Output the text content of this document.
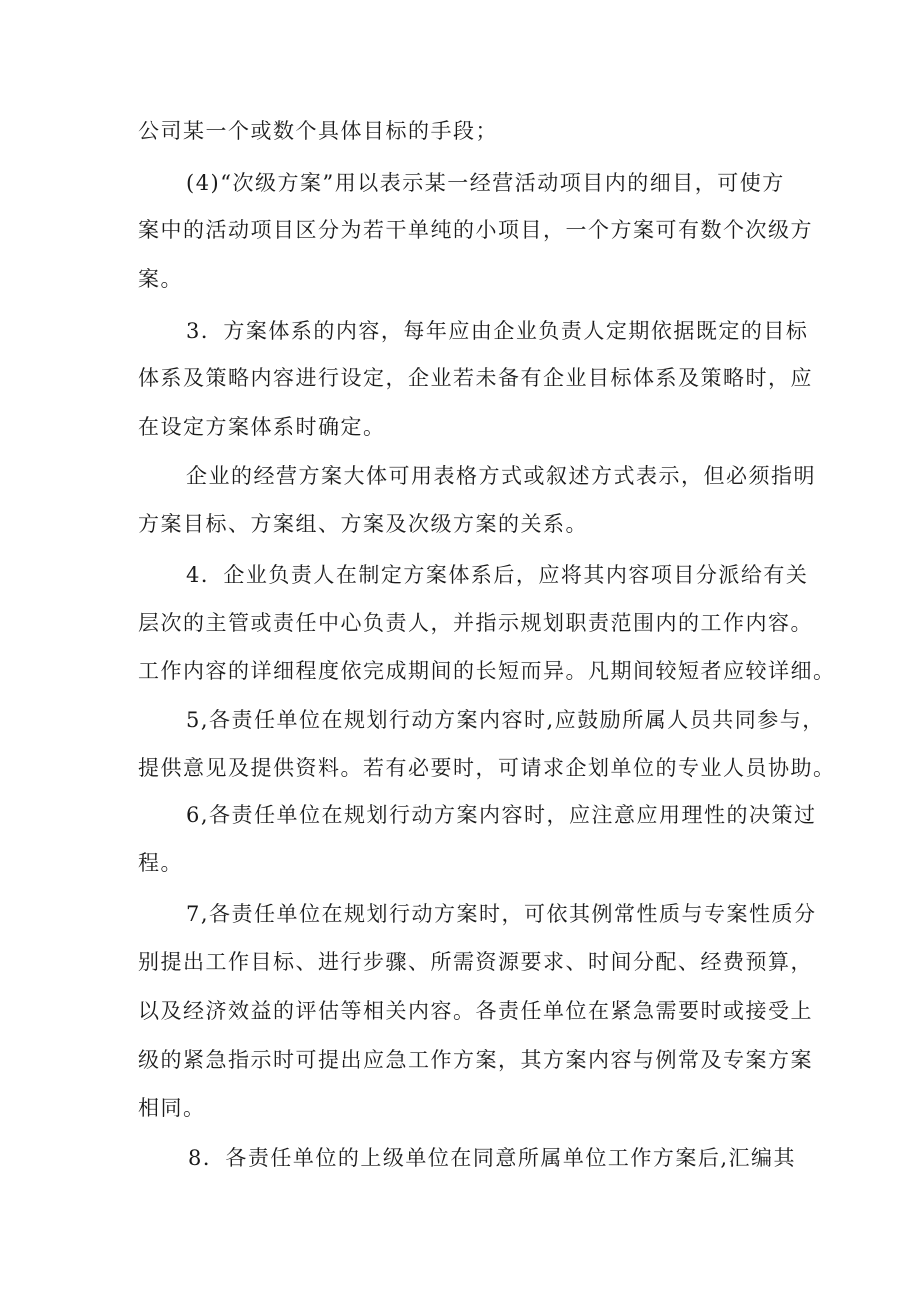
公司某一个或数个具体目标的手段；
(4)“次级方案”用以表示某一经营活动项目内的细目，可使方
案中的活动项目区分为若干单纯的小项目，一个方案可有数个次级方
案。
3．方案体系的内容，每年应由企业负责人定期依据既定的目标
体系及策略内容进行设定，企业若未备有企业目标体系及策略时，应
在设定方案体系时确定。
企业的经营方案大体可用表格方式或叙述方式表示，但必须指明
方案目标、方案组、方案及次级方案的关系。
4．企业负责人在制定方案体系后，应将其内容项目分派给有关
层次的主管或责任中心负责人，并指示规划职责范围内的工作内容。
工作内容的详细程度依完成期间的长短而异。凡期间较短者应较详细。
5,各责任单位在规划行动方案内容时,应鼓励所属人员共同参与，
提供意见及提供资料。若有必要时，可请求企划单位的专业人员协助。
6,各责任单位在规划行动方案内容时，应注意应用理性的决策过
程。
7,各责任单位在规划行动方案时，可依其例常性质与专案性质分
别提出工作目标、进行步骤、所需资源要求、时间分配、经费预算，
以及经济效益的评估等相关内容。各责任单位在紧急需要时或接受上
级的紧急指示时可提出应急工作方案，其方案内容与例常及专案方案
相同。
8．各责任单位的上级单位在同意所属单位工作方案后,汇编其
